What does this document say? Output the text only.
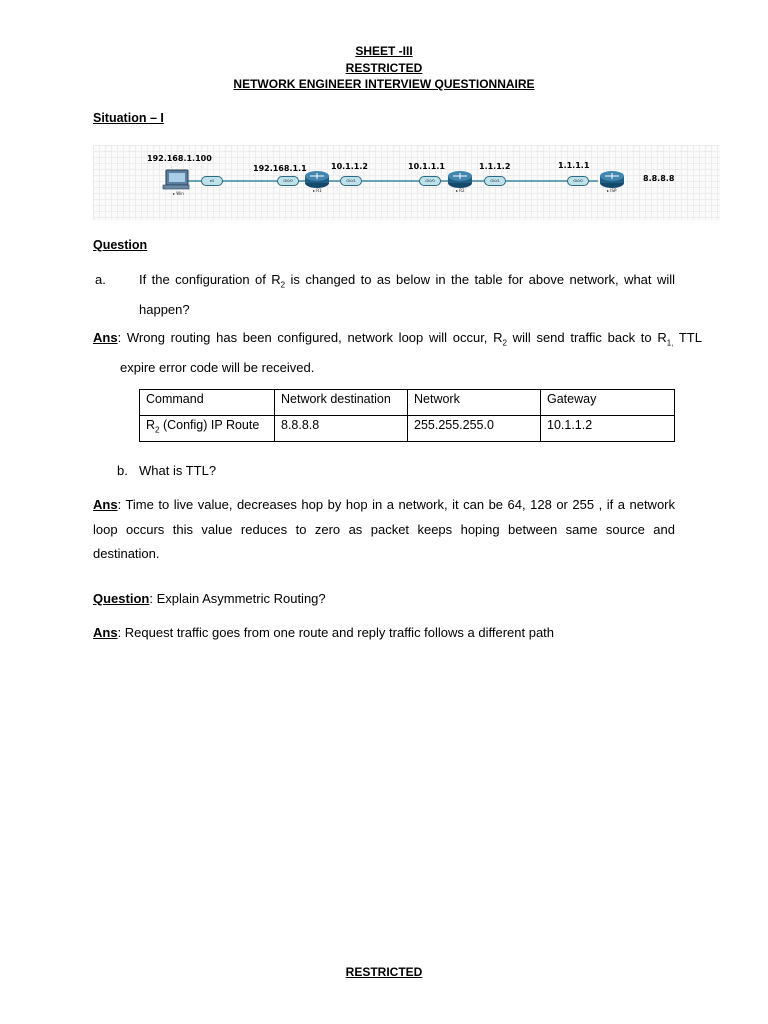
SHEET -III
RESTRICTED
NETWORK ENGINEER INTERVIEW QUESTIONNAIRE
Situation – I
192.168.1.100
192.168.1.1	10.1.1.2	10.1.1.1	1.1.1.2	1.1.1.1
8.8.8.8
e0	Gi0/0	Gi0/1	Gi0/0	Gi0/1	Gi0/0
▸ Win
▸ R1	▸ R2	▸ ISP
Question
a.	If the configuration of $R_2$ is changed to as below in the table for above network, what will happen?
Ans: Wrong routing has been configured, network loop will occur, $R_2$ will send traffic back to $R_{1,}$ TTL expire error code will be received.
Command	Network destination	Network	Gateway
$R_2$ (Config) IP Route	8.8.8.8	255.255.255.0	10.1.1.2
b. What is TTL?
Ans: Time to live value, decreases hop by hop in a network, it can be 64, 128 or 255 , if a network loop occurs this value reduces to zero as packet keeps hoping between same source and destination.
Question: Explain Asymmetric Routing?
Ans: Request traffic goes from one route and reply traffic follows a different path
RESTRICTED
